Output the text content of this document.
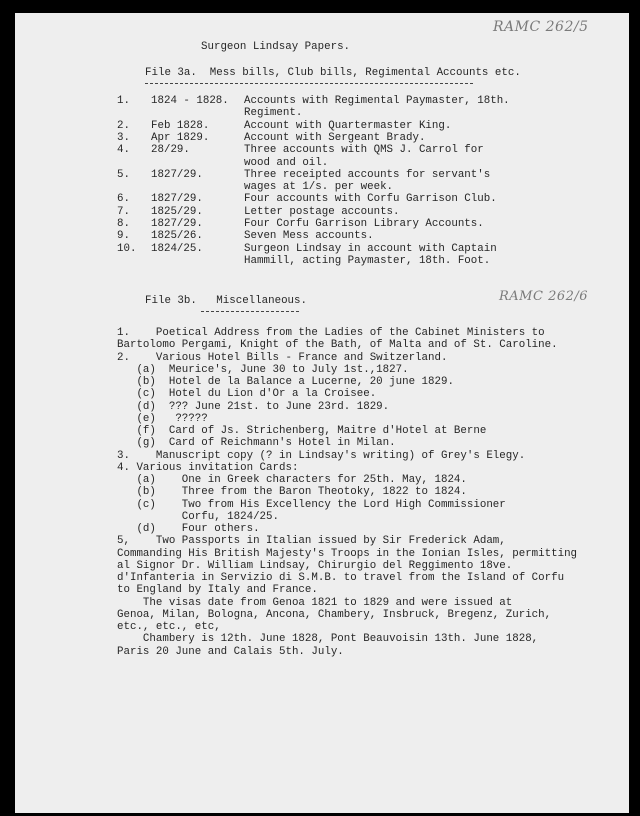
RAMC 262/5
RAMC 262/6
Surgeon Lindsay Papers.
File 3a.  Mess bills, Club bills, Regimental Accounts etc.
1. 1824 - 1828. Accounts with Regimental Paymaster, 18th.
Regiment.
2. Feb 1828.	Account with Quartermaster King.
3. Apr 1829.	Account with Sergeant Brady.
4. 28/29.	Three accounts with QMS J. Carrol for
wood and oil.
5. 1827/29.	Three receipted accounts for servant's
wages at 1/s. per week.
6. 1827/29.	Four accounts with Corfu Garrison Club.
7. 1825/29.	Letter postage accounts.
8. 1827/29.	Four Corfu Garrison Library Accounts.
9. 1825/26.	Seven Mess accounts.
10. 1824/25.	Surgeon Lindsay in account with Captain
Hammill, acting Paymaster, 18th. Foot.
File 3b.   Miscellaneous.
1.    Poetical Address from the Ladies of the Cabinet Ministers to
Bartolomo Pergami, Knight of the Bath, of Malta and of St. Caroline.
2.    Various Hotel Bills - France and Switzerland.
(a)  Meurice's, June 30 to July 1st.,1827.
(b)  Hotel de la Balance a Lucerne, 20 june 1829.
(c)  Hotel du Lion d'Or a la Croisee.
(d)  ??? June 21st. to June 23rd. 1829.
(e)   ?????
(f)  Card of Js. Strichenberg, Maitre d'Hotel at Berne
(g)  Card of Reichmann's Hotel in Milan.
3.    Manuscript copy (? in Lindsay's writing) of Grey's Elegy.
4. Various invitation Cards:
(a)    One in Greek characters for 25th. May, 1824.
(b)    Three from the Baron Theotoky, 1822 to 1824.
(c)    Two from His Excellency the Lord High Commissioner
Corfu, 1824/25.
(d)    Four others.
5,    Two Passports in Italian issued by Sir Frederick Adam,
Commanding His British Majesty's Troops in the Ionian Isles, permitting
al Signor Dr. William Lindsay, Chirurgio del Reggimento 18ve.
d'Infanteria in Servizio di S.M.B. to travel from the Island of Corfu
to England by Italy and France.
The visas date from Genoa 1821 to 1829 and were issued at
Genoa, Milan, Bologna, Ancona, Chambery, Insbruck, Bregenz, Zurich,
etc., etc., etc,
Chambery is 12th. June 1828, Pont Beauvoisin 13th. June 1828,
Paris 20 June and Calais 5th. July.
